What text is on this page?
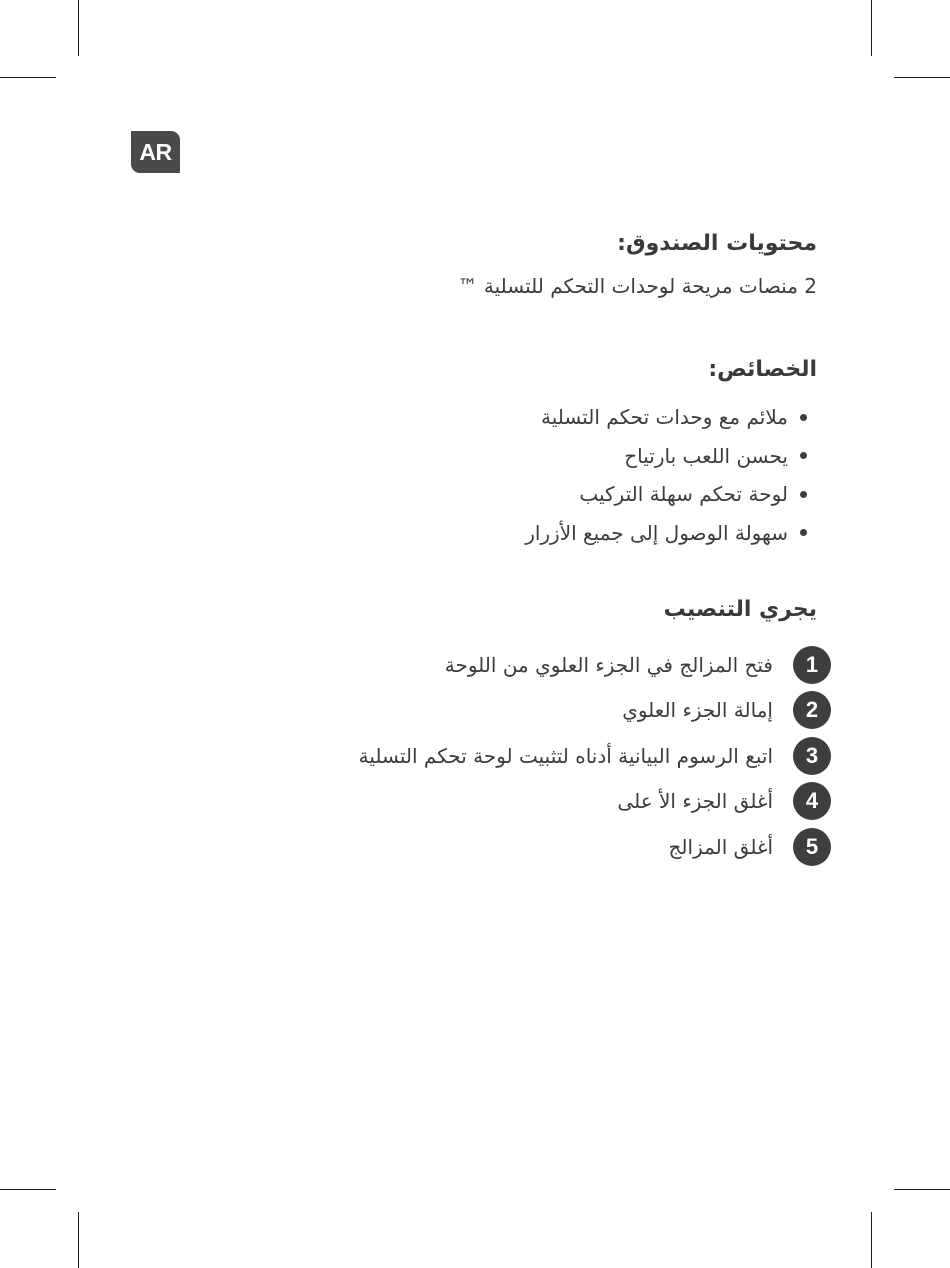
AR
محتويات الصندوق:

2 منصات مريحة لوحدات التحكم للتسلية ™

الخصائص:
ملائم مع وحدات تحكم التسلية
يحسن اللعب بارتياح
لوحة تحكم سهلة التركيب
سهولة الوصول إلى جميع الأزرار
يجري التنصيب
1
فتح المزالج في الجزء العلوي من اللوحة
2
إمالة الجزء العلوي
3
اتبع الرسوم البيانية أدناه لتثبيت لوحة تحكم التسلية
4
أغلق الجزء الأ على
5
أغلق المزالج
